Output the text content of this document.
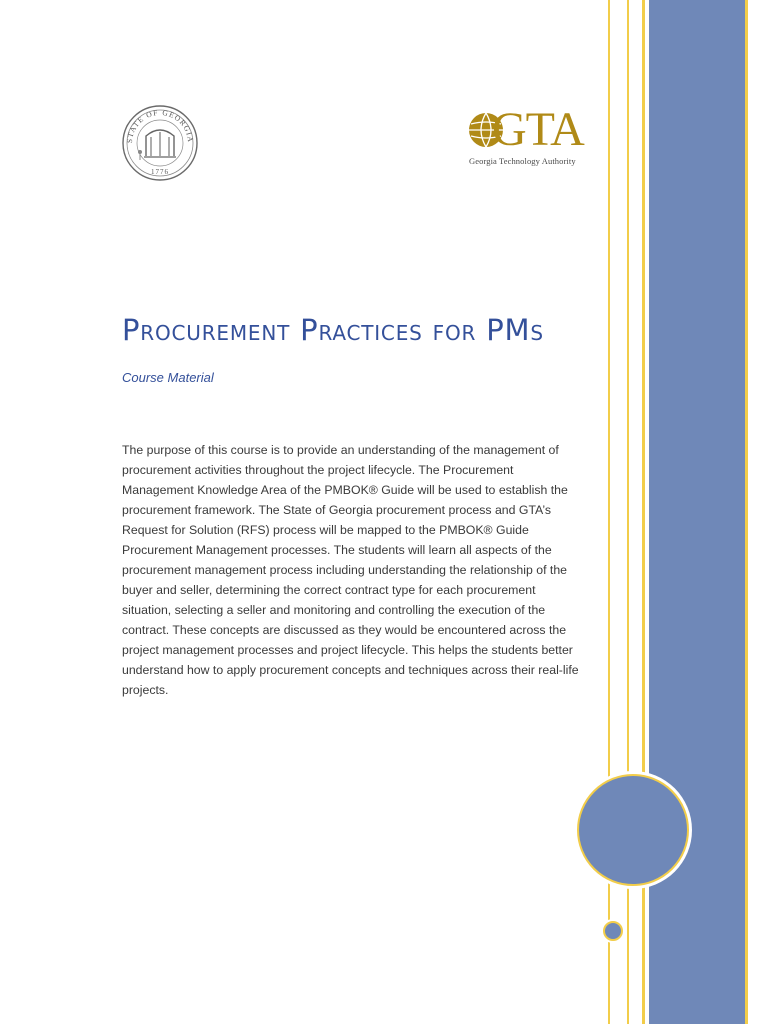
STATE OF GEORGIA
1776
GTA
Georgia Technology Authority
Procurement Practices for PMs
Course Material

The purpose of this course is to provide an understanding of the management of procurement activities throughout the project lifecycle. The Procurement Management Knowledge Area of the PMBOK® Guide will be used to establish the procurement framework. The State of Georgia procurement process and GTA’s Request for Solution (RFS) process will be mapped to the PMBOK® Guide Procurement Management processes. The students will learn all aspects of the procurement management process including understanding the relationship of the buyer and seller, determining the correct contract type for each procurement situation, selecting a seller and monitoring and controlling the execution of the contract. These concepts are discussed as they would be encountered across the project management processes and project lifecycle. This helps the students better understand how to apply procurement concepts and techniques across their real-life projects.
